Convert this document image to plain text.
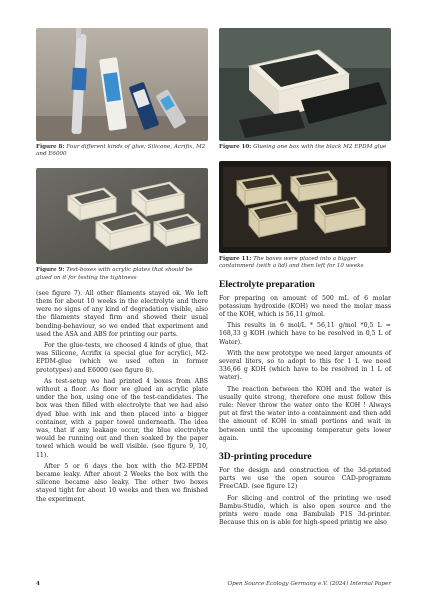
Figure 8: Four different kinds of glue; Silicone, Acrifix, M2 and E6000
Figure 9: Test-boxes with acrylic plates that should be glued on it for testing the tightness

(see figure 7). All other filaments stayed ok. We left them for about 10 weeks in the electrolyte and there were no signs of any kind of degradation visible, also the filaments stayed firm and showed their usual bending-behaviour, so we ended that experiment and used the ASA and ABS for printing our parts.

For the glue-tests, we choosed 4 kinds of glue, that was Silicone, Acrifix (a special glue for acrylic), M2-EPDM-glue (which we used often in former prototypes) and E6000 (see figure 8).

As test-setup we had printed 4 boxes from ABS without a floor. As floor we glued an acrylic plate under the box, using one of the test-candidates. The box was then filled with electrolyte that we had also dyed blue with ink and then placed into a bigger container, with a paper towel underneath. The idea was, that if any leakage occur, the blue electrolyte would be running out and then soaked by the paper towel which would be well visible. (see figure 9, 10, 11).

After 5 or 6 days the box with the M2-EPDM became leaky. After about 2 Weeks the box with the silicone became also leaky. The other two boxes stayed tight for about 10 weeks and then we finished the experiment.

Figure 10: Glueing one box with the black M2 EPDM glue
Figure 11: The boxes were placed into a bigger containment (with a lid) and then left for 10 weeks
Electrolyte preparation

For preparing on amount of 500 mL of 6 molar potassium hydroxide (KOH) we need the molar mass of the KOH, which is 56,11 g/mol.

This results in 6 mol/L * 56,11 g/mol *0,5 L = 168,33 g KOH (which have to be resolved in 0,5 L of Water).

With the new prototype we need larger amounts of several liters, so to adopt to this for 1 L we need 336,66 g KOH (which have to be resolved in 1 L of water).

The reaction between the KOH and the water is usually quite strong, therefore one must follow this rule: Never throw the water onto the KOH ! Always put at first the water into a containment and then add the amount of KOH in small portions and wait in between until the upcoming temperatur gets lower again.

3D-printing procedure

For the design and construction of the 3d-printed parts we use the open source CAD-programm FreeCAD. (see figure 12)

For slicing and control of the printing we used Bambu-Studio, which is also open source and the prints were made ona Bambulab P1S 3d-printer. Because this on is able for high-speed printig we also

4	Open Source Ecology Germany e.V. (2024) Internal Paper
